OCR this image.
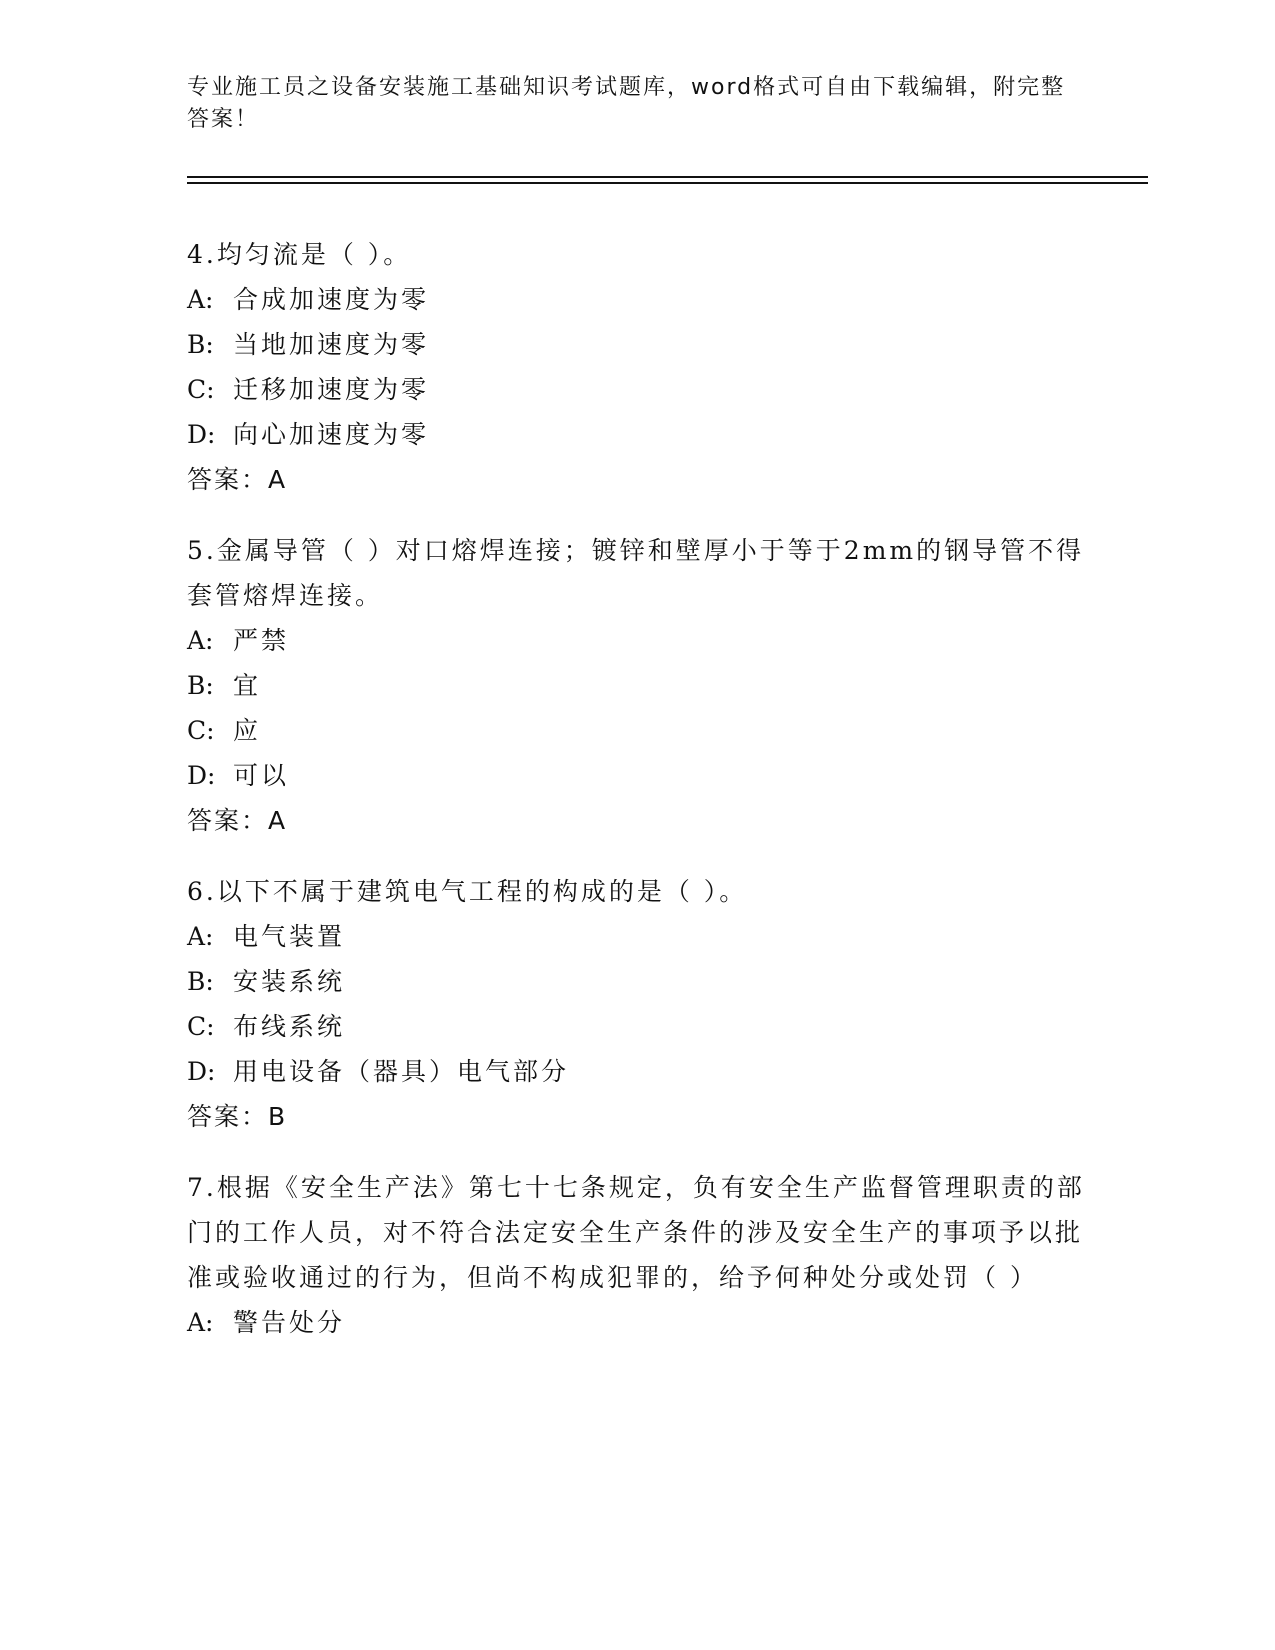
专业施工员之设备安装施工基础知识考试题库，word格式可自由下载编辑，附完整答案！

4.均匀流是（ ）。

A: 合成加速度为零

B: 当地加速度为零

C: 迁移加速度为零

D: 向心加速度为零

答案：A

5.金属导管（ ）对口熔焊连接；镀锌和壁厚小于等于2mm的钢导管不得套管熔焊连接。

A: 严禁

B: 宜

C: 应

D: 可以

答案：A

6.以下不属于建筑电气工程的构成的是（ ）。

A: 电气装置

B: 安装系统

C: 布线系统

D: 用电设备（器具）电气部分

答案：B

7.根据《安全生产法》第七十七条规定，负有安全生产监督管理职责的部门的工作人员，对不符合法定安全生产条件的涉及安全生产的事项予以批准或验收通过的行为，但尚不构成犯罪的，给予何种处分或处罚（ ）

A: 警告处分
